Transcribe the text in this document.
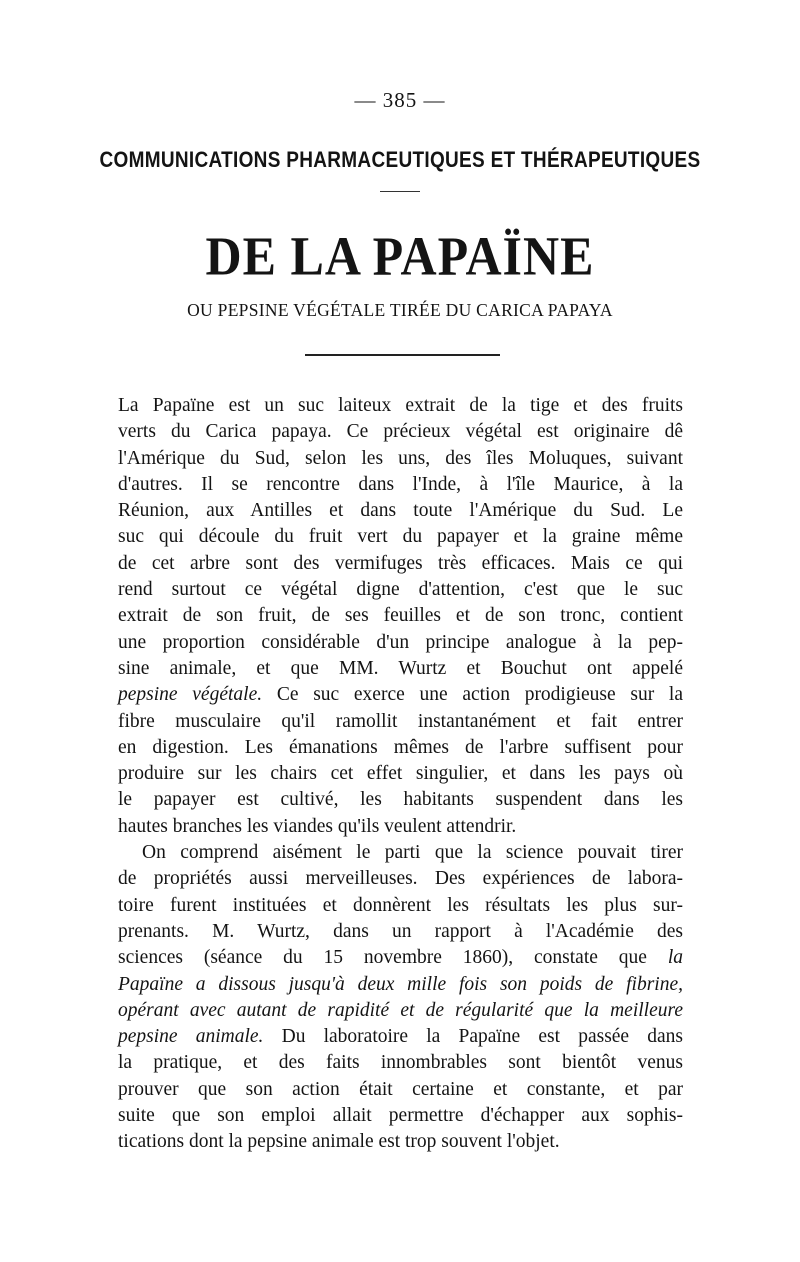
— 385 —
COMMUNICATIONS PHARMACEUTIQUES ET THÉRAPEUTIQUES
DE LA PAPAÏNE
OU PEPSINE VÉGÉTALE TIRÉE DU CARICA PAPAYA
La Papaïne est un suc laiteux extrait de la tige et des fruits
verts du Carica papaya. Ce précieux végétal est originaire dê
l'Amérique du Sud, selon les uns, des îles Moluques, suivant
d'autres. Il se rencontre dans l'Inde, à l'île Maurice, à la
Réunion, aux Antilles et dans toute l'Amérique du Sud. Le
suc qui découle du fruit vert du papayer et la graine même
de cet arbre sont des vermifuges très efficaces. Mais ce qui
rend surtout ce végétal digne d'attention, c'est que le suc
extrait de son fruit, de ses feuilles et de son tronc, contient
une proportion considérable d'un principe analogue à la pep-
sine animale, et que MM. Wurtz et Bouchut ont appelé
pepsine végétale. Ce suc exerce une action prodigieuse sur la
fibre musculaire qu'il ramollit instantanément et fait entrer
en digestion. Les émanations mêmes de l'arbre suffisent pour
produire sur les chairs cet effet singulier, et dans les pays où
le papayer est cultivé, les habitants suspendent dans les
hautes branches les viandes qu'ils veulent attendrir.
On comprend aisément le parti que la science pouvait tirer
de propriétés aussi merveilleuses. Des expériences de labora-
toire furent instituées et donnèrent les résultats les plus sur-
prenants. M. Wurtz, dans un rapport à l'Académie des
sciences (séance du 15 novembre 1860), constate que la
Papaïne a dissous jusqu'à deux mille fois son poids de fibrine,
opérant avec autant de rapidité et de régularité que la meilleure
pepsine animale. Du laboratoire la Papaïne est passée dans
la pratique, et des faits innombrables sont bientôt venus
prouver que son action était certaine et constante, et par
suite que son emploi allait permettre d'échapper aux sophis-
tications dont la pepsine animale est trop souvent l'objet.
